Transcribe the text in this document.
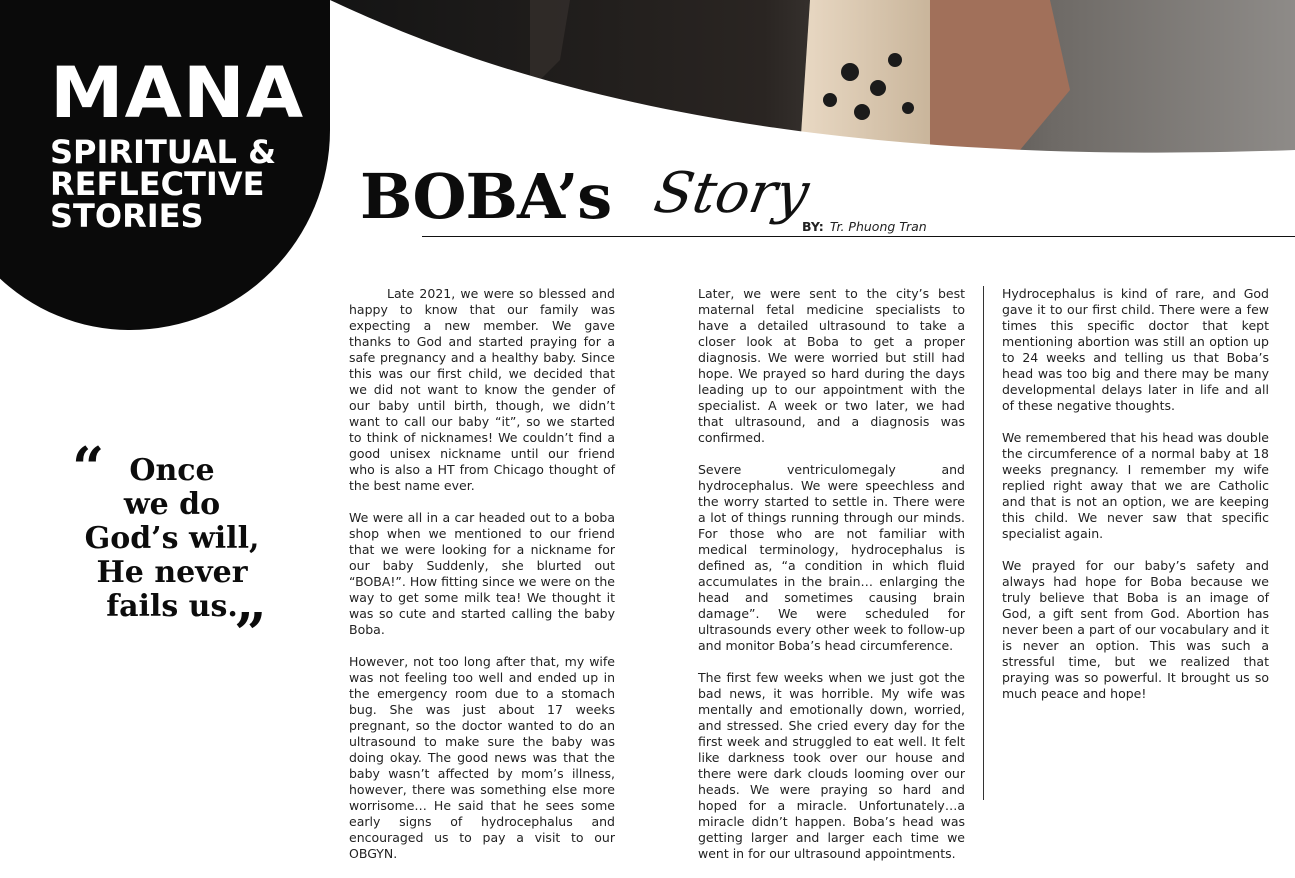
MANA
SPIRITUAL &
REFLECTIVE
STORIES	BOBA’s Story
BY: Tr. Phuong Tran
“ Once
we do
God’s will,
He never
fails us.
”

Late 2021, we were so blessed and happy to know that our family was expecting a new member. We gave thanks to God and started praying for a safe pregnancy and a healthy baby. Since this was our first child, we decided that we did not want to know the gender of our baby until birth, though, we didn’t want to call our baby “it”, so we started to think of nicknames! We couldn’t find a good unisex nickname until our friend who is also a HT from Chicago thought of the best name ever.

We were all in a car headed out to a boba shop when we mentioned to our friend that we were looking for a nickname for our baby Suddenly, she blurted out “BOBA!”. How fitting since we were on the way to get some milk tea! We thought it was so cute and started calling the baby Boba.

However, not too long after that, my wife was not feeling too well and ended up in the emergency room due to a stomach bug. She was just about 17 weeks pregnant, so the doctor wanted to do an ultrasound to make sure the baby was doing okay. The good news was that the baby wasn’t affected by mom’s illness, however, there was something else more worrisome… He said that he sees some early signs of hydrocephalus and encouraged us to pay a visit to our OBGYN.

Later, we were sent to the city’s best maternal fetal medicine specialists to have a detailed ultrasound to take a closer look at Boba to get a proper diagnosis. We were worried but still had hope. We prayed so hard during the days leading up to our appointment with the specialist. A week or two later, we had that ultrasound, and a diagnosis was confirmed.

Severe ventriculomegaly and hydrocephalus. We were speechless and the worry started to settle in. There were a lot of things running through our minds. For those who are not familiar with medical terminology, hydrocephalus is defined as, “a condition in which fluid accumulates in the brain… enlarging the head and sometimes causing brain damage”. We were scheduled for ultrasounds every other week to follow-up and monitor Boba’s head circumference.

The first few weeks when we just got the bad news, it was horrible. My wife was mentally and emotionally down, worried, and stressed. She cried every day for the first week and struggled to eat well. It felt like darkness took over our house and there were dark clouds looming over our heads. We were praying so hard and hoped for a miracle. Unfortunately…a miracle didn’t happen. Boba’s head was getting larger and larger each time we went in for our ultrasound appointments.

Hydrocephalus is kind of rare, and God gave it to our first child. There were a few times this specific doctor that kept mentioning abortion was still an option up to 24 weeks and telling us that Boba’s head was too big and there may be many developmental delays later in life and all of these negative thoughts.

We remembered that his head was double the circumference of a normal baby at 18 weeks pregnancy. I remember my wife replied right away that we are Catholic and that is not an option, we are keeping this child. We never saw that specific specialist again.

We prayed for our baby’s safety and always had hope for Boba because we truly believe that Boba is an image of God, a gift sent from God. Abortion has never been a part of our vocabulary and it is never an option. This was such a stressful time, but we realized that praying was so powerful. It brought us so much peace and hope!
